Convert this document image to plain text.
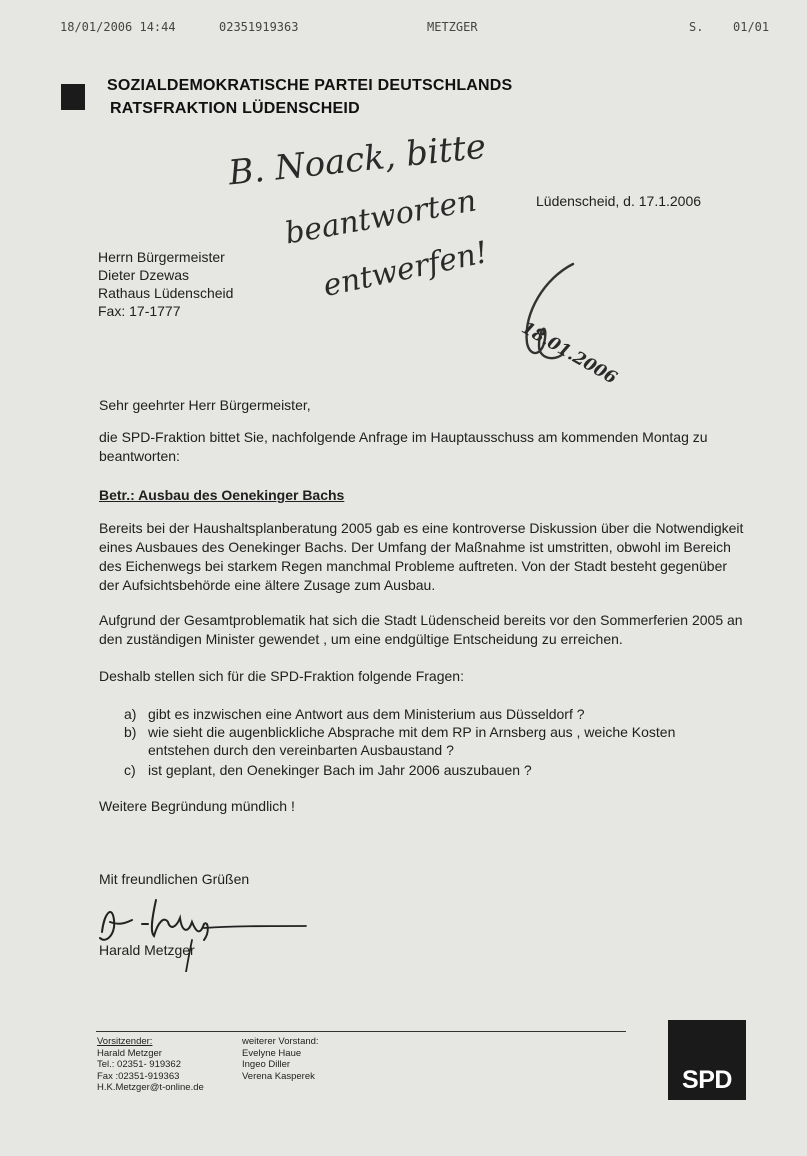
18/01/2006 14:44	02351919363	METZGER	S. 01/01
SOZIALDEMOKRATISCHE PARTEI DEUTSCHLANDS
RATSFRAKTION LÜDENSCHEID
B. Noack, bitte
beantworten
entwerfen!
18.01.2006
Lüdenscheid, d. 17.1.2006
Herrn Bürgermeister
Dieter Dzewas
Rathaus Lüdenscheid
Fax: 17-1777
Sehr geehrter Herr Bürgermeister,
die SPD-Fraktion bittet Sie, nachfolgende Anfrage im Hauptausschuss am kommenden Montag zu
beantworten:
Betr.: Ausbau des Oenekinger Bachs
Bereits bei der Haushaltsplanberatung 2005 gab es eine kontroverse Diskussion über die Notwendigkeit
eines Ausbaues des Oenekinger Bachs. Der Umfang der Maßnahme ist umstritten, obwohl im Bereich
des Eichenwegs bei starkem Regen manchmal Probleme auftreten. Von der Stadt besteht gegenüber
der Aufsichtsbehörde eine ältere Zusage zum Ausbau.
Aufgrund der Gesamtproblematik hat sich die Stadt Lüdenscheid bereits vor den Sommerferien 2005 an
den zuständigen Minister gewendet , um eine endgültige Entscheidung zu erreichen.
Deshalb stellen sich für die SPD-Fraktion folgende Fragen:
a) gibt es inzwischen eine Antwort aus dem Ministerium aus Düsseldorf ?
b) wie sieht die augenblickliche Absprache mit dem RP in Arnsberg aus , weiche Kosten
entstehen durch den vereinbarten Ausbaustand ?
c) ist geplant, den Oenekinger Bach im Jahr 2006 auszubauen ?
Weitere Begründung mündlich !
Mit freundlichen Grüßen
Harald Metzger
Vorsitzender:
Harald Metzger
Tel.: 02351- 919362
Fax :02351-919363
H.K.Metzger@t-online.de
weiterer Vorstand:
Evelyne Haue
Ingeo Diller
Verena Kasperek	SPD
